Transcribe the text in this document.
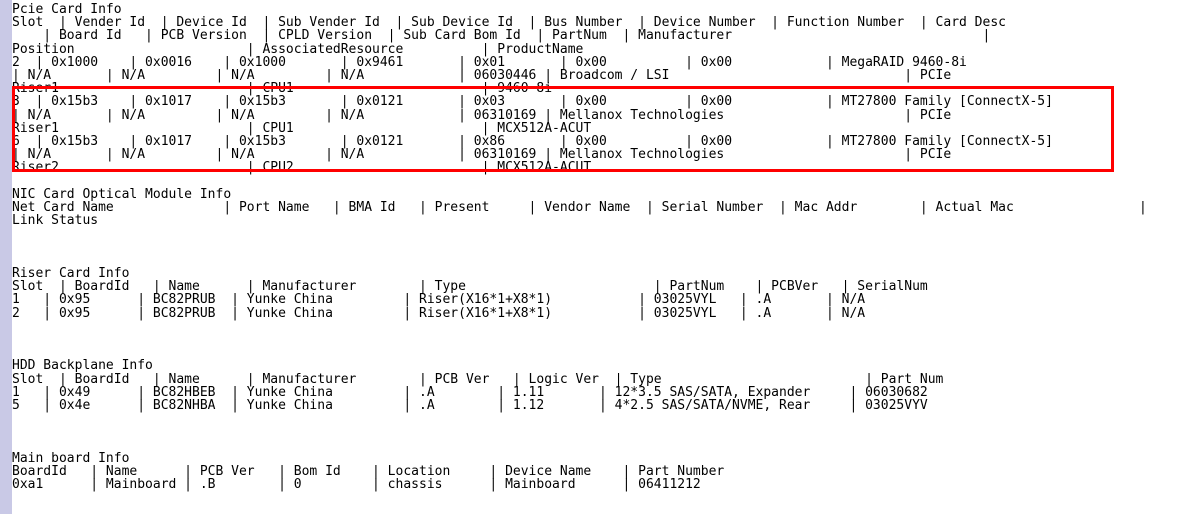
Pcie Card Info
Slot  | Vender Id  | Device Id  | Sub Vender Id  | Sub Device Id  | Bus Number  | Device Number  | Function Number  | Card Desc
| Board Id   | PCB Version  | CPLD Version  | Sub Card Bom Id  | PartNum  | Manufacturer                                |
Position                      | AssociatedResource          | ProductName
2  | 0x1000    | 0x0016    | 0x1000       | 0x9461       | 0x01       | 0x00          | 0x00            | MegaRAID 9460-8i
| N/A       | N/A         | N/A         | N/A            | 06030446 | Broadcom / LSI                              | PCIe
Riser1                        | CPU1                        | 9460-8i
3  | 0x15b3    | 0x1017    | 0x15b3       | 0x0121       | 0x03       | 0x00          | 0x00            | MT27800 Family [ConnectX-5]
| N/A       | N/A         | N/A         | N/A            | 06310169 | Mellanox Technologies                       | PCIe
Riser1                        | CPU1                        | MCX512A-ACUT
6  | 0x15b3    | 0x1017    | 0x15b3       | 0x0121       | 0x86       | 0x00          | 0x00            | MT27800 Family [ConnectX-5]
| N/A       | N/A         | N/A         | N/A            | 06310169 | Mellanox Technologies                       | PCIe
Riser2                        | CPU2                        | MCX512A-ACUT
NIC Card Optical Module Info
Net Card Name              | Port Name   | BMA Id   | Present     | Vendor Name  | Serial Number  | Mac Addr        | Actual Mac                |
Link Status
Riser Card Info
Slot  | BoardId   | Name      | Manufacturer        | Type                        | PartNum    | PCBVer   | SerialNum
1   | 0x95      | BC82PRUB  | Yunke China         | Riser(X16*1+X8*1)           | 03025VYL   | .A       | N/A
2   | 0x95      | BC82PRUB  | Yunke China         | Riser(X16*1+X8*1)           | 03025VYL   | .A       | N/A
HDD Backplane Info
Slot  | BoardId   | Name      | Manufacturer        | PCB Ver   | Logic Ver  | Type                          | Part Num
1   | 0x49      | BC82HBEB  | Yunke China         | .A        | 1.11       | 12*3.5 SAS/SATA, Expander     | 06030682
5   | 0x4e      | BC82NHBA  | Yunke China         | .A        | 1.12       | 4*2.5 SAS/SATA/NVME, Rear     | 03025VYV
Main board Info
BoardId   | Name      | PCB Ver   | Bom Id    | Location     | Device Name    | Part Number
0xa1      | Mainboard | .B        | 0         | chassis      | Mainboard      | 06411212
